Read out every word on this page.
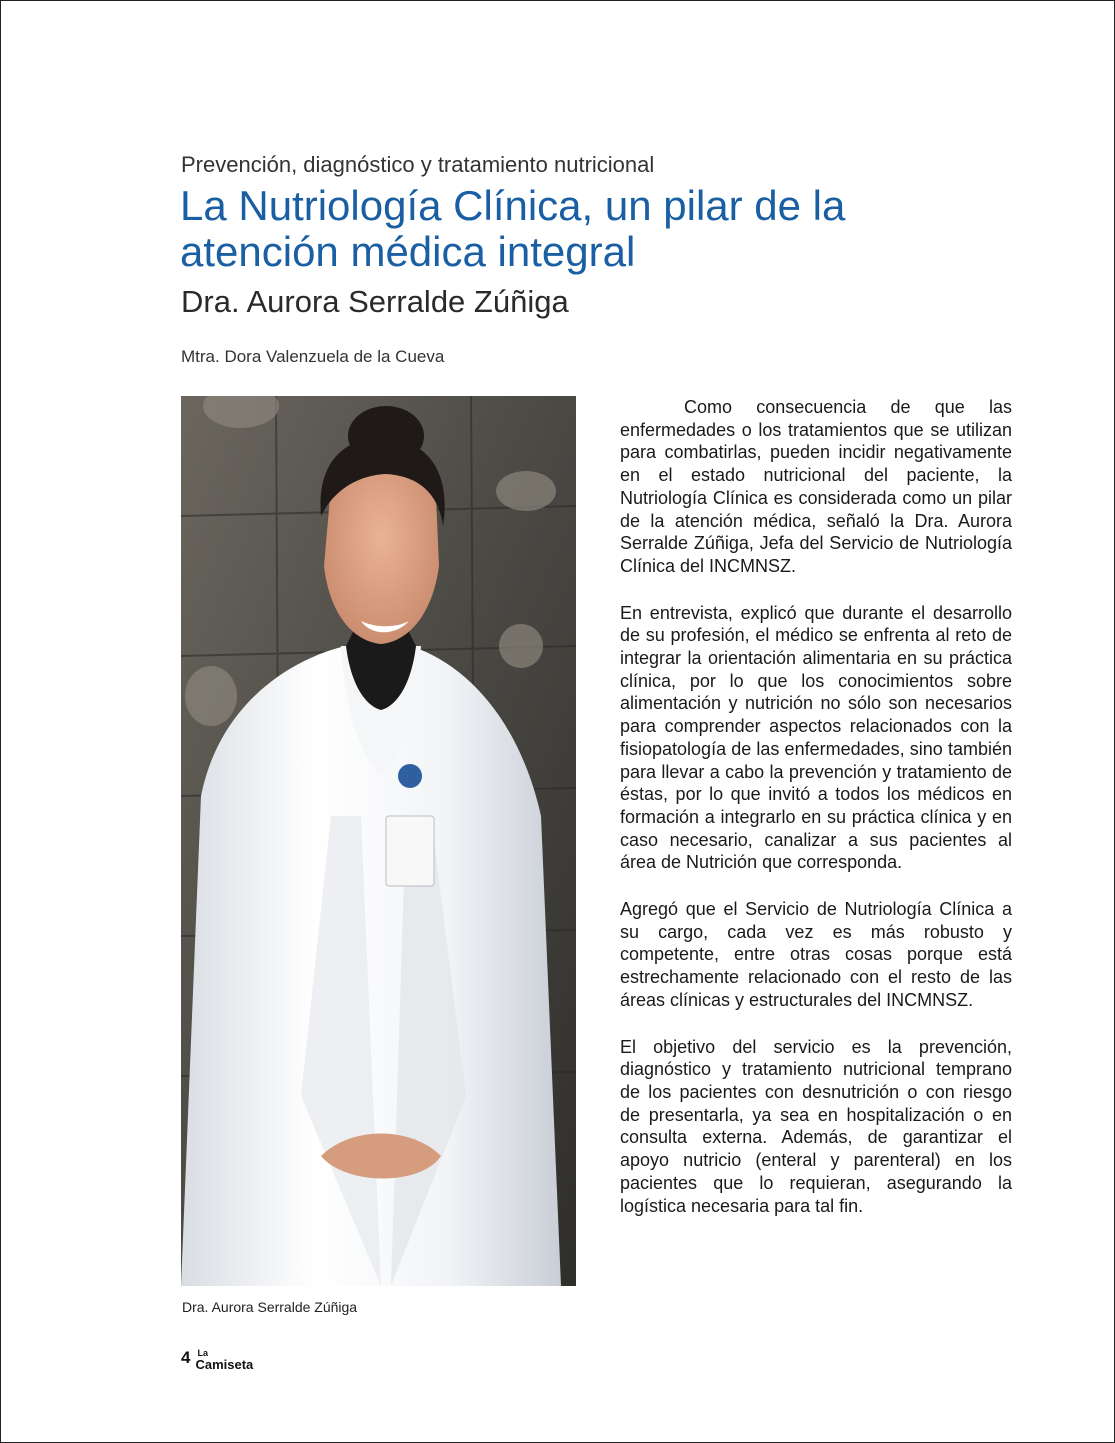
Prevención, diagnóstico y tratamiento nutricional
La Nutriología Clínica, un pilar de la atención médica integral
Dra. Aurora Serralde Zúñiga
Mtra. Dora Valenzuela de la Cueva
Dra. Aurora Serralde Zúñiga

Como consecuencia de que las enfermedades o los tratamientos que se utilizan para combatirlas, pueden incidir negativamente en el estado nutricional del paciente, la Nutriología Clínica es considerada como un pilar de la atención médica, señaló la Dra. Aurora Serralde Zúñiga, Jefa del Servicio de Nutriología Clínica del INCMNSZ.

En entrevista, explicó que durante el desarrollo de su profesión, el médico se enfrenta al reto de integrar la orientación alimentaria en su práctica clínica, por lo que los conocimientos sobre alimentación y nutrición no sólo son necesarios para comprender aspectos relacionados con la fisiopatología de las enfermedades, sino también para llevar a cabo la prevención y tratamiento de éstas, por lo que invitó a todos los médicos en formación a integrarlo en su práctica clínica y en caso necesario, canalizar a sus pacientes al área de Nutrición que corresponda.

Agregó que el Servicio de Nutriología Clínica a su cargo, cada vez es más robusto y competente, entre otras cosas porque está estrechamente relacionado con el resto de las áreas clínicas y estructurales del INCMNSZ.

El objetivo del servicio es la prevención, diagnóstico y tratamiento nutricional temprano de los pacientes con desnutrición o con riesgo de presentarla, ya sea en hospitalización o en consulta externa. Además, de garantizar el apoyo nutricio (enteral y parenteral) en los pacientes que lo requieran, asegurando la logística necesaria para tal fin.

4 La
Camiseta
